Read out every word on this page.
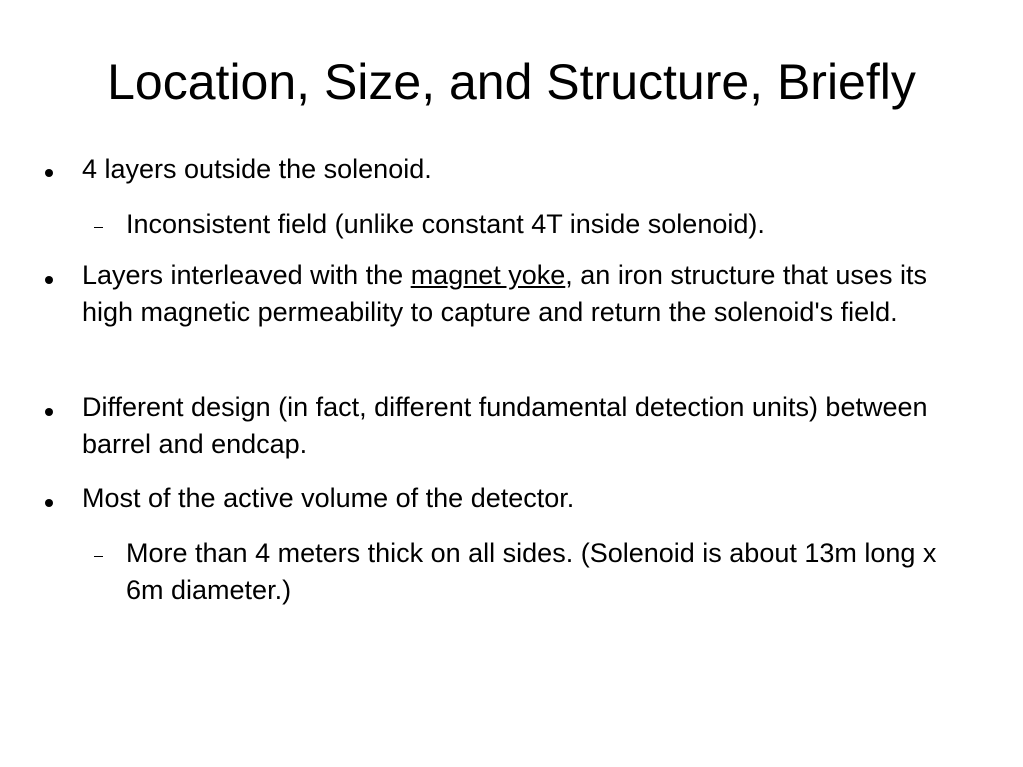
Location, Size, and Structure, Briefly
4 layers outside the solenoid.
Inconsistent field (unlike constant 4T inside solenoid).
Layers interleaved with the magnet yoke, an iron structure that uses its high magnetic permeability to capture and return the solenoid's field.
Different design (in fact, different fundamental detection units) between barrel and endcap.
Most of the active volume of the detector.
More than 4 meters thick on all sides. (Solenoid is about 13m long x 6m diameter.)
